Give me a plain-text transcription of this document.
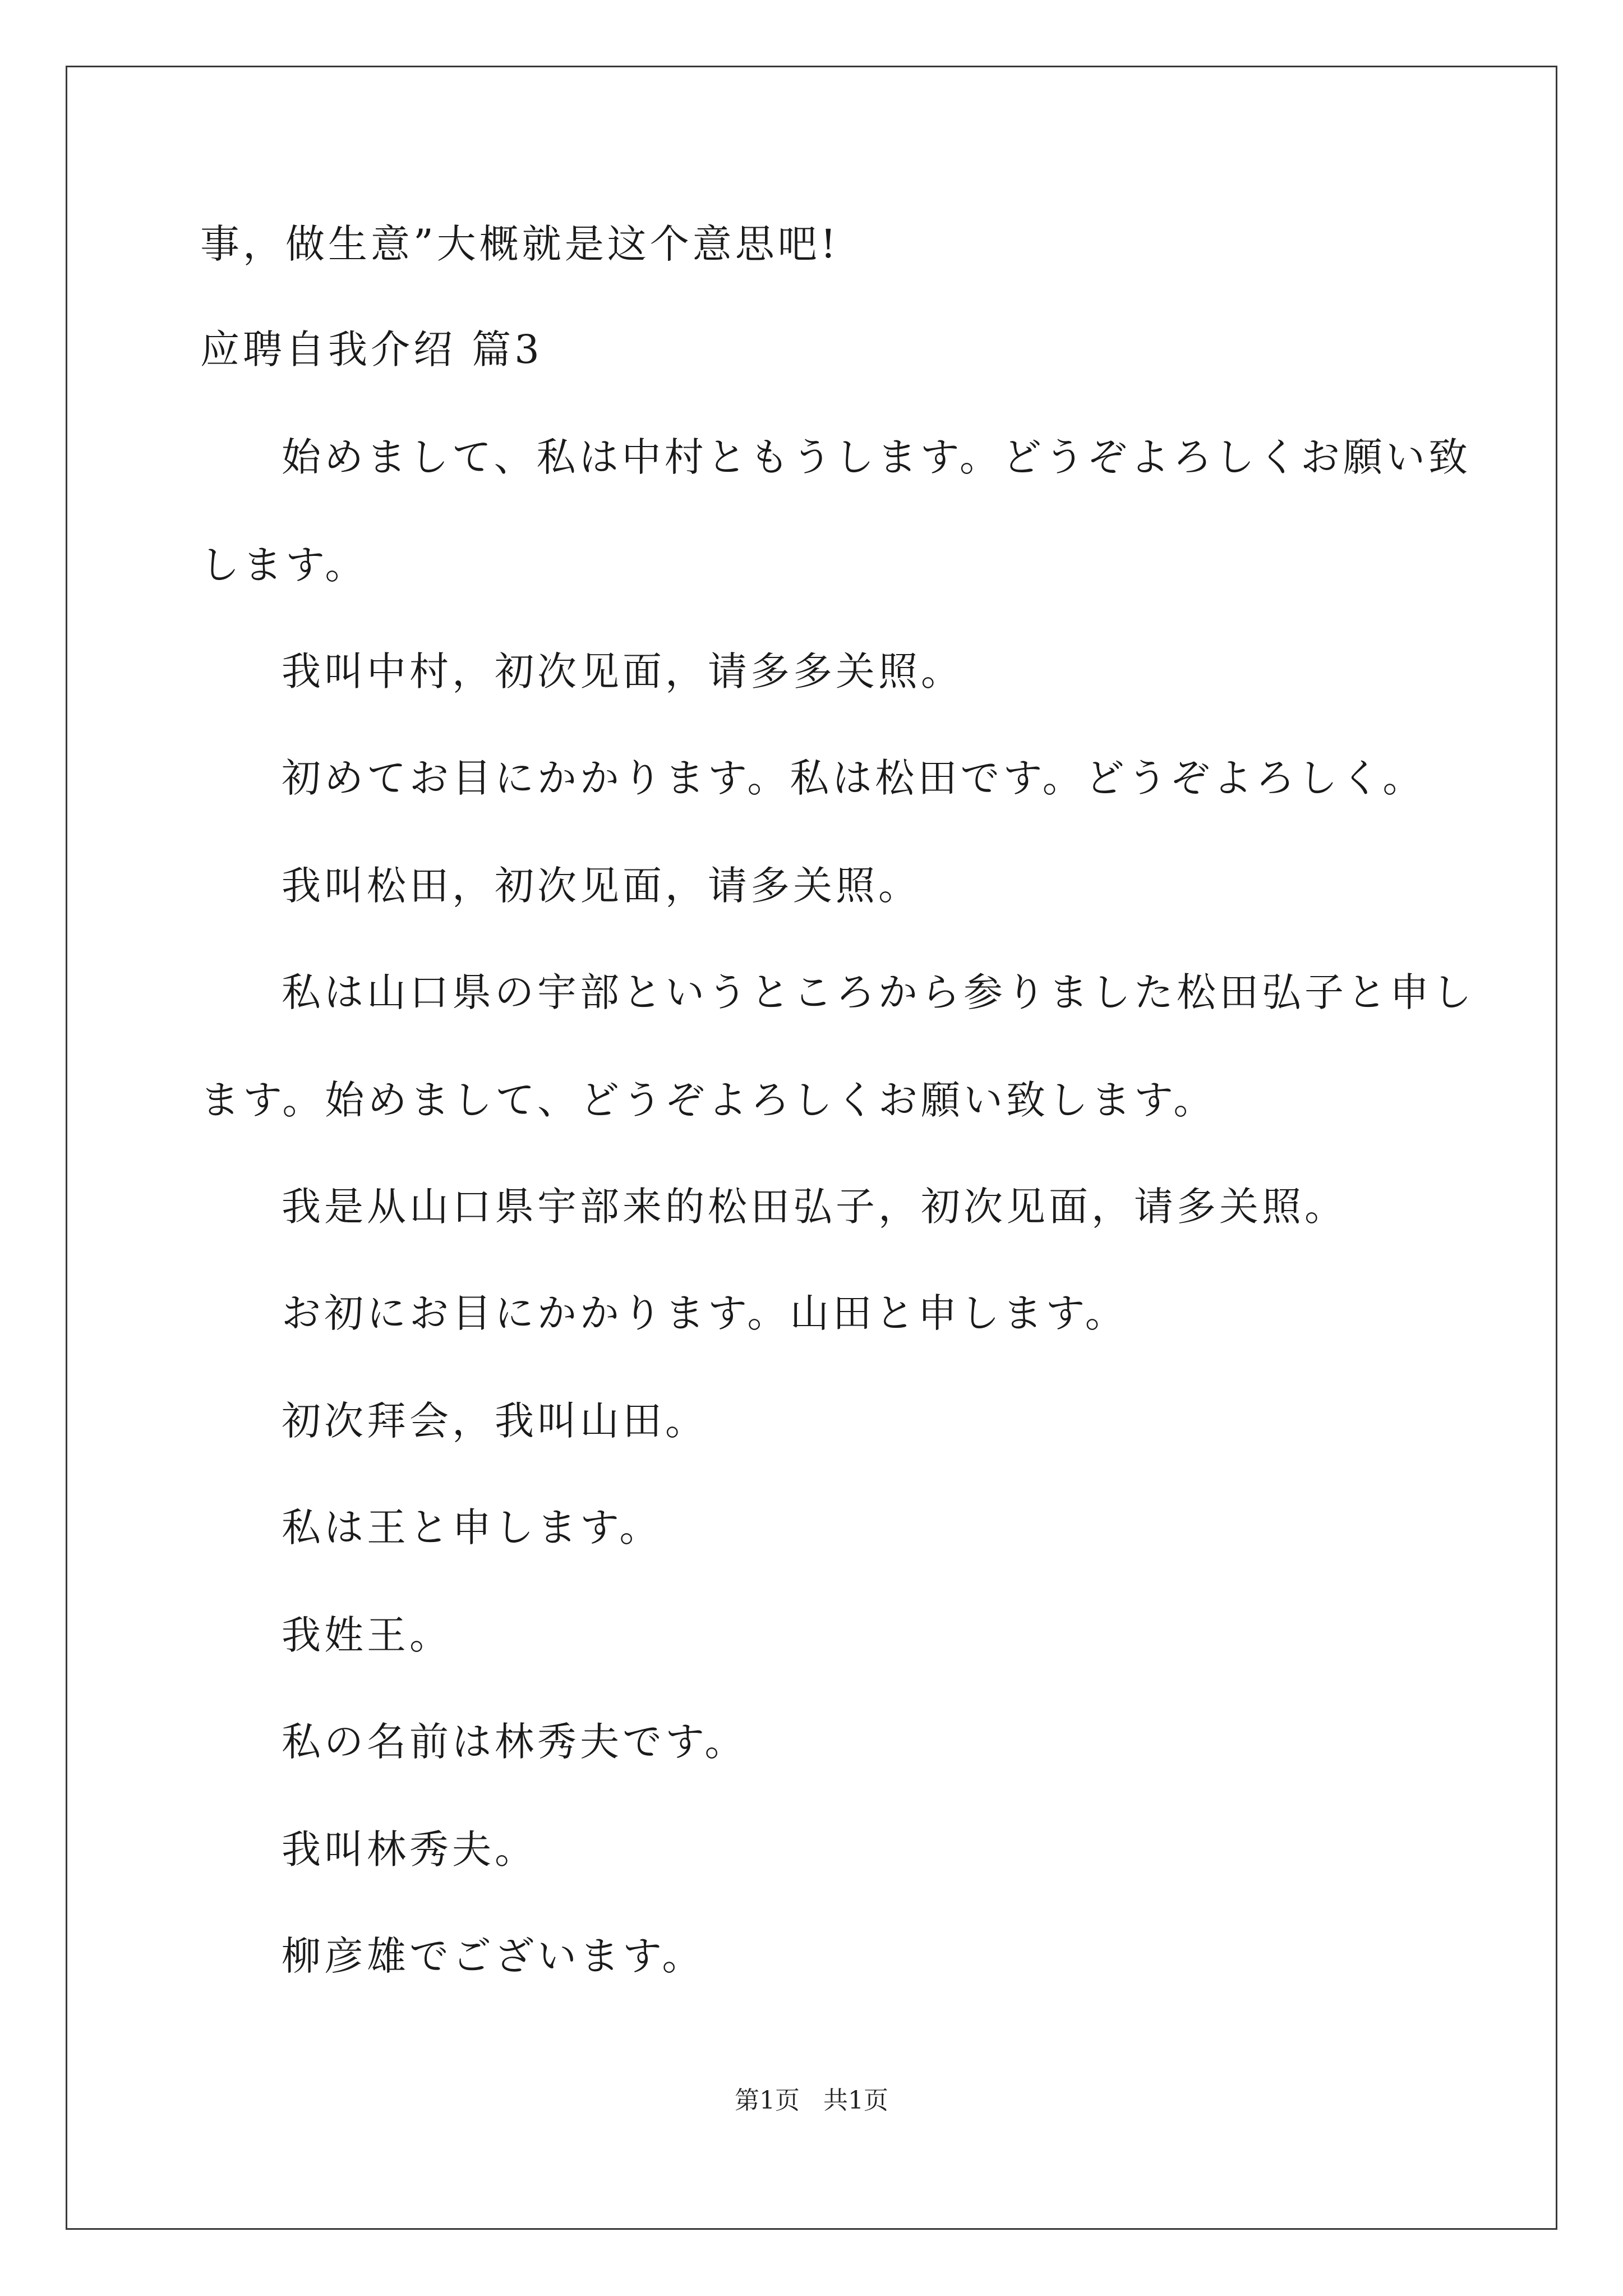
事，做生意”大概就是这个意思吧!
应聘自我介绍 篇3
始めまして、私は中村ともうします。どうぞよろしくお願い致
します。
我叫中村，初次见面，请多多关照。
初めてお目にかかります。私は松田です。どうぞよろしく。
我叫松田，初次见面，请多关照。
私は山口県の宇部というところから参りました松田弘子と申し
ます。始めまして、どうぞよろしくお願い致します。
我是从山口県宇部来的松田弘子，初次见面，请多关照。
お初にお目にかかります。山田と申します。
初次拜会，我叫山田。
私は王と申します。
我姓王。
私の名前は林秀夫です。
我叫林秀夫。
柳彦雄でございます。
第1页   共1页
